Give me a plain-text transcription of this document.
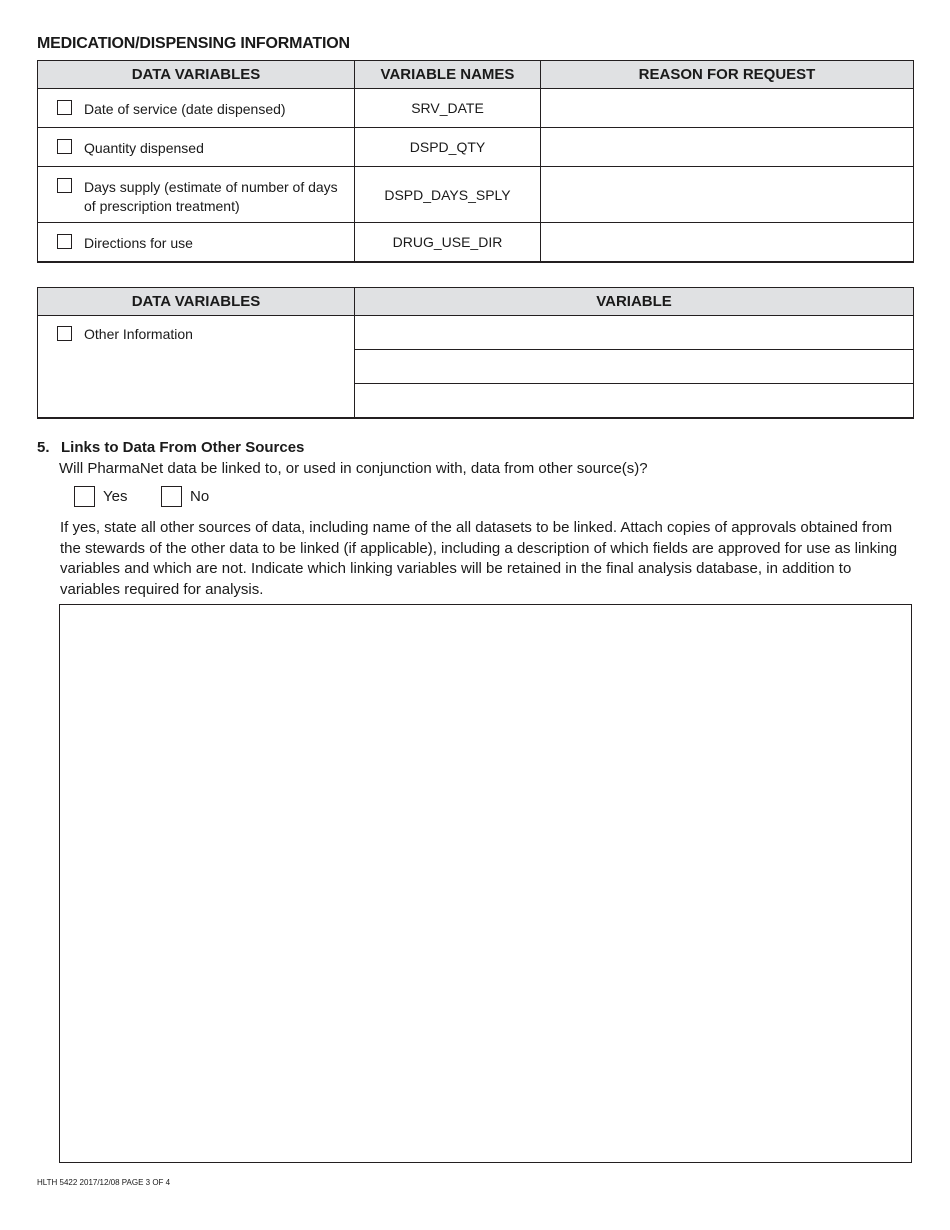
MEDICATION/DISPENSING INFORMATION
DATA VARIABLES	VARIABLE NAMES	REASON FOR REQUEST

Date of service (date dispensed)	SRV_DATE	

Quantity dispensed	DSPD_QTY	

Days supply (estimate of number of days of prescription treatment)	DSPD_DAYS_SPLY	

Directions for use	DRUG_USE_DIR	
DATA VARIABLES	VARIABLE

Other Information	

5. Links to Data From Other Sources
Will PharmaNet data be linked to, or used in conjunction with, data from other source(s)?
Yes	No
If yes, state all other sources of data, including name of the all datasets to be linked. Attach copies of approvals obtained from the stewards of the other data to be linked (if applicable), including a description of which fields are approved for use as linking variables and which are not. Indicate which linking variables will be retained in the final analysis database, in addition to variables required for analysis.
HLTH 5422 2017/12/08 PAGE 3 OF 4
